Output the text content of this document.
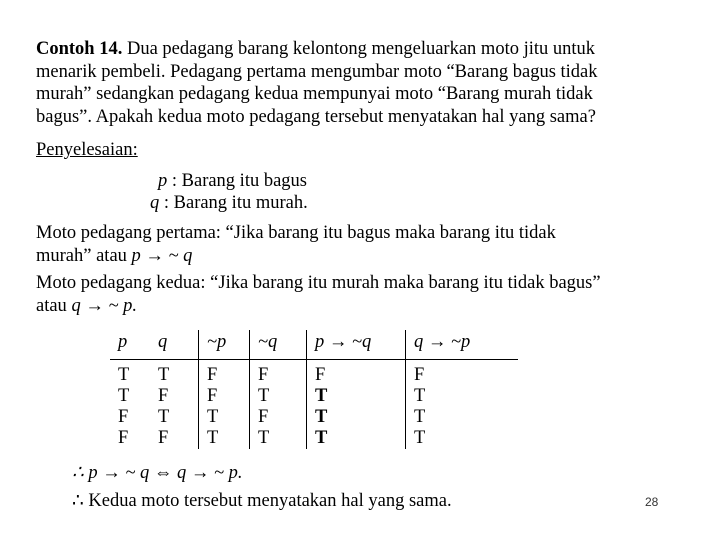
Contoh 14. Dua pedagang barang kelontong mengeluarkan moto jitu untuk
menarik pembeli. Pedagang pertama mengumbar moto “Barang bagus tidak
murah” sedangkan pedagang kedua mempunyai moto “Barang murah tidak
bagus”. Apakah kedua moto pedagang tersebut menyatakan hal yang sama?
Penyelesaian:
p : Barang itu bagus
q : Barang itu murah.
Moto pedagang pertama: “Jika barang itu bagus maka barang itu tidak
murah” atau p → ~ q
Moto pedagang kedua: “Jika barang itu murah maka barang itu tidak bagus”
atau q → ~ p.
p	q	~p	~q	p → ~q	q → ~p
T	T	F	F	F	F
T	F	F	T	T	T
F	T	T	F	T	T
F	F	T	T	T	T
∴ p → ~ q ⇔ q → ~ p.
∴ Kedua moto tersebut menyatakan hal yang sama.	28
